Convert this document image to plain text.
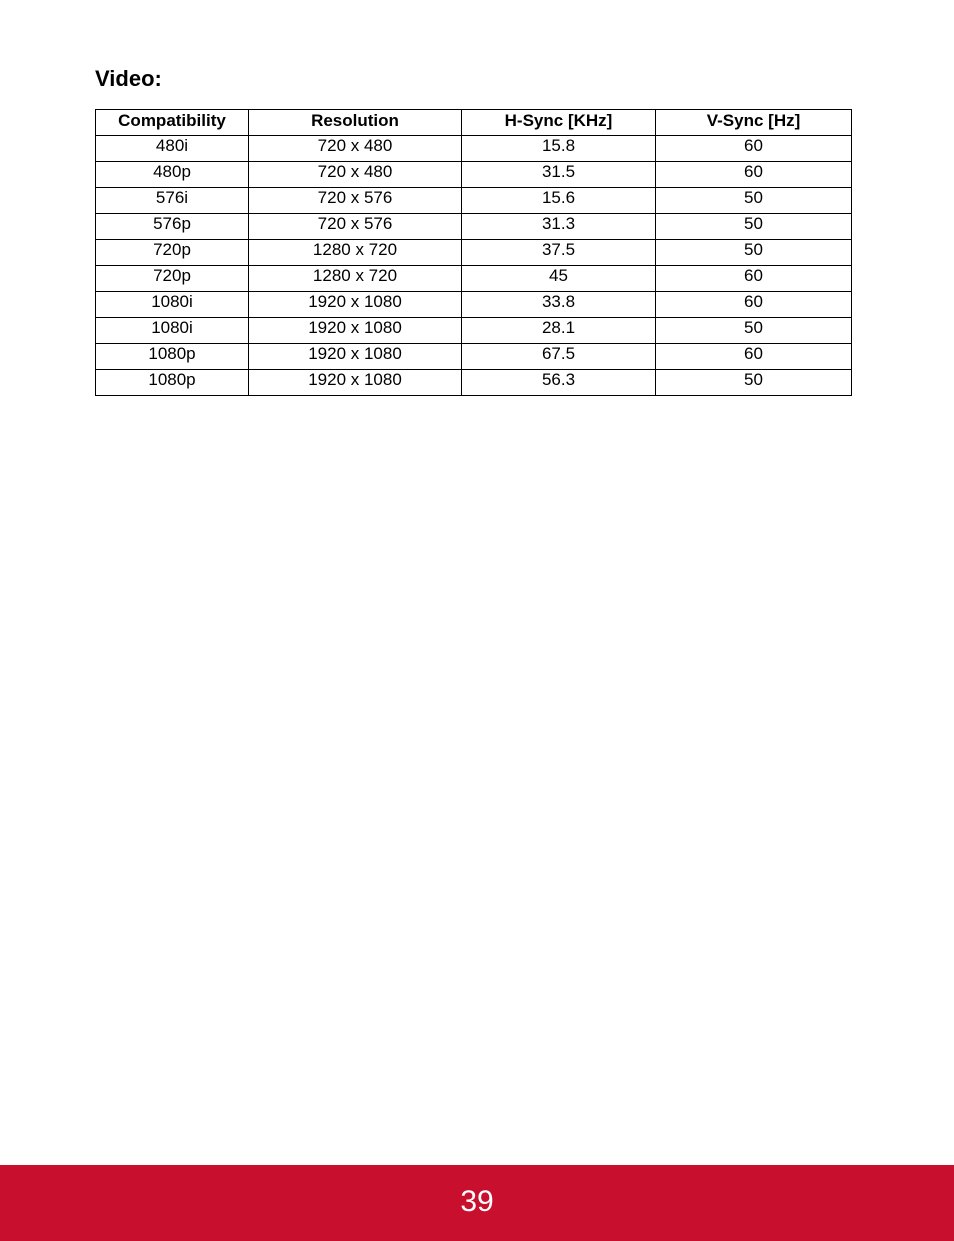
Video:
Compatibility	Resolution	H-Sync [KHz]	V-Sync [Hz]
480i	720 x 480	15.8	60
480p	720 x 480	31.5	60
576i	720 x 576	15.6	50
576p	720 x 576	31.3	50
720p	1280 x 720	37.5	50
720p	1280 x 720	45	60
1080i	1920 x 1080	33.8	60
1080i	1920 x 1080	28.1	50
1080p	1920 x 1080	67.5	60
1080p	1920 x 1080	56.3	50
39
